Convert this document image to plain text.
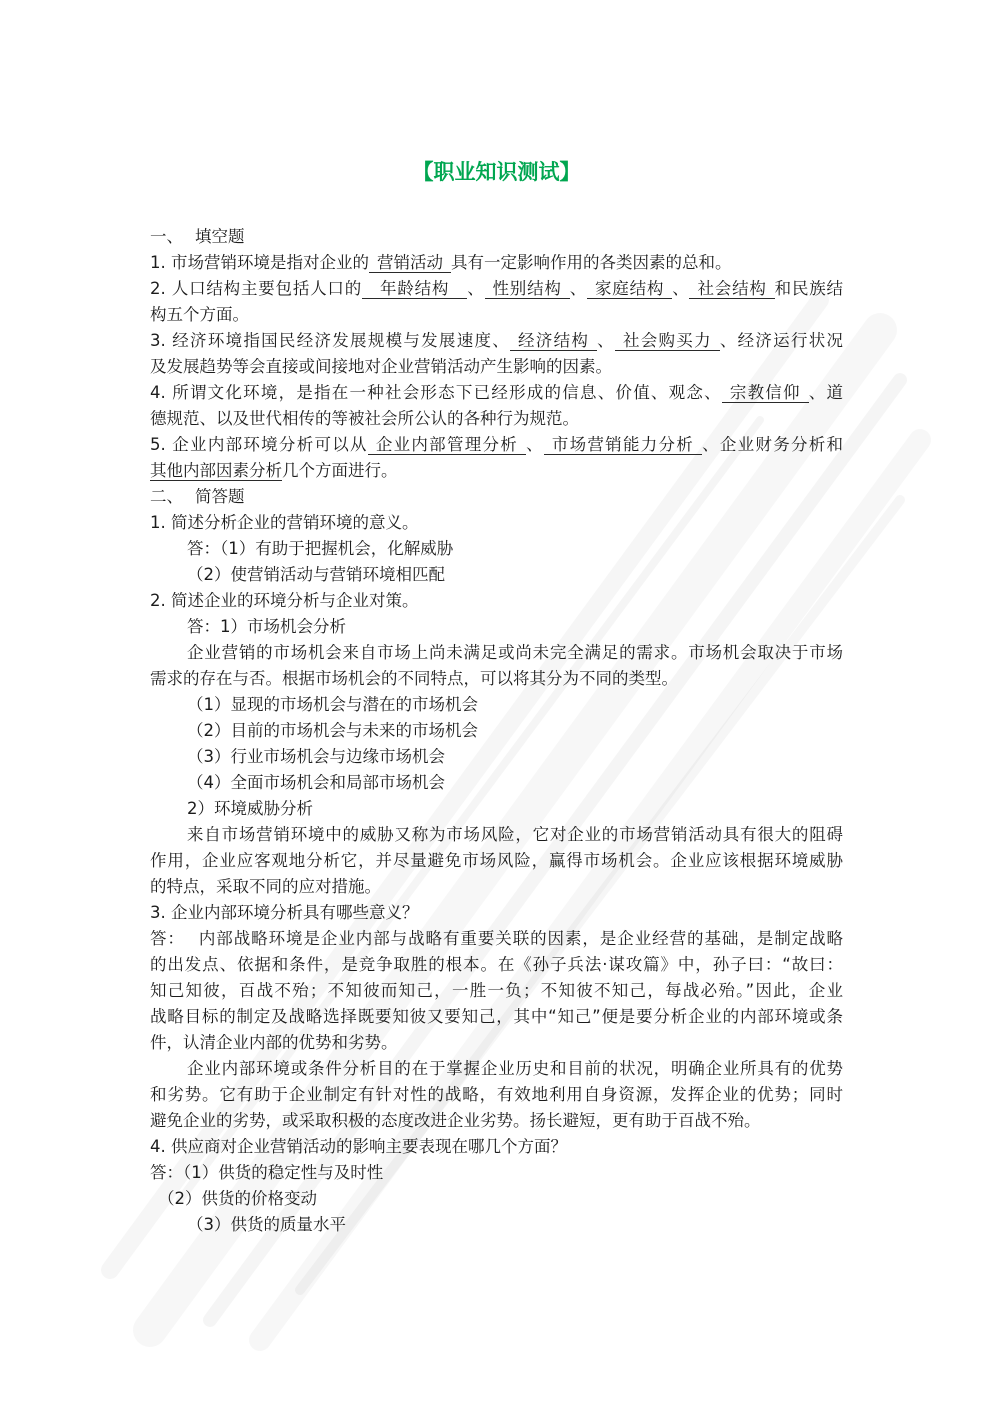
【职业知识测试】
一、 填空题
1. 市场营销环境是指对企业的 营销活动 具有一定影响作用的各类因素的总和。
2. 人口结构主要包括人口的 年龄结构 、 性别结构 、 家庭结构 、 社会结构 和民族结
构五个方面。
3. 经济环境指国民经济发展规模与发展速度、 经济结构 、 社会购买力 、经济运行状况
及发展趋势等会直接或间接地对企业营销活动产生影响的因素。
4. 所谓文化环境，是指在一种社会形态下已经形成的信息、价值、观念、 宗教信仰 、道
德规范、以及世代相传的等被社会所公认的各种行为规范。
5. 企业内部环境分析可以从 企业内部管理分析 、 市场营销能力分析 、企业财务分析和
其他内部因素分析几个方面进行。
二、 简答题
1. 简述分析企业的营销环境的意义。
答：（1）有助于把握机会，化解威胁
（2）使营销活动与营销环境相匹配
2. 简述企业的环境分析与企业对策。
答：1）市场机会分析
企业营销的市场机会来自市场上尚未满足或尚未完全满足的需求。市场机会取决于市场
需求的存在与否。根据市场机会的不同特点，可以将其分为不同的类型。
（1）显现的市场机会与潜在的市场机会
（2）目前的市场机会与未来的市场机会
（3）行业市场机会与边缘市场机会
（4）全面市场机会和局部市场机会
2）环境威胁分析
来自市场营销环境中的威胁又称为市场风险，它对企业的市场营销活动具有很大的阻碍
作用，企业应客观地分析它，并尽量避免市场风险，赢得市场机会。企业应该根据环境威胁
的特点，采取不同的应对措施。
3. 企业内部环境分析具有哪些意义？
答： 内部战略环境是企业内部与战略有重要关联的因素，是企业经营的基础，是制定战略
的出发点、依据和条件，是竞争取胜的根本。在《孙子兵法·谋攻篇》中，孙子曰：“故曰：
知己知彼，百战不殆；不知彼而知己，一胜一负；不知彼不知己，每战必殆。”因此，企业
战略目标的制定及战略选择既要知彼又要知己，其中“知己”便是要分析企业的内部环境或条
件，认清企业内部的优势和劣势。
企业内部环境或条件分析目的在于掌握企业历史和目前的状况，明确企业所具有的优势
和劣势。它有助于企业制定有针对性的战略，有效地利用自身资源，发挥企业的优势；同时
避免企业的劣势，或采取积极的态度改进企业劣势。扬长避短，更有助于百战不殆。
4. 供应商对企业营销活动的影响主要表现在哪几个方面？
答：（1）供货的稳定性与及时性
（2）供货的价格变动
（3）供货的质量水平
